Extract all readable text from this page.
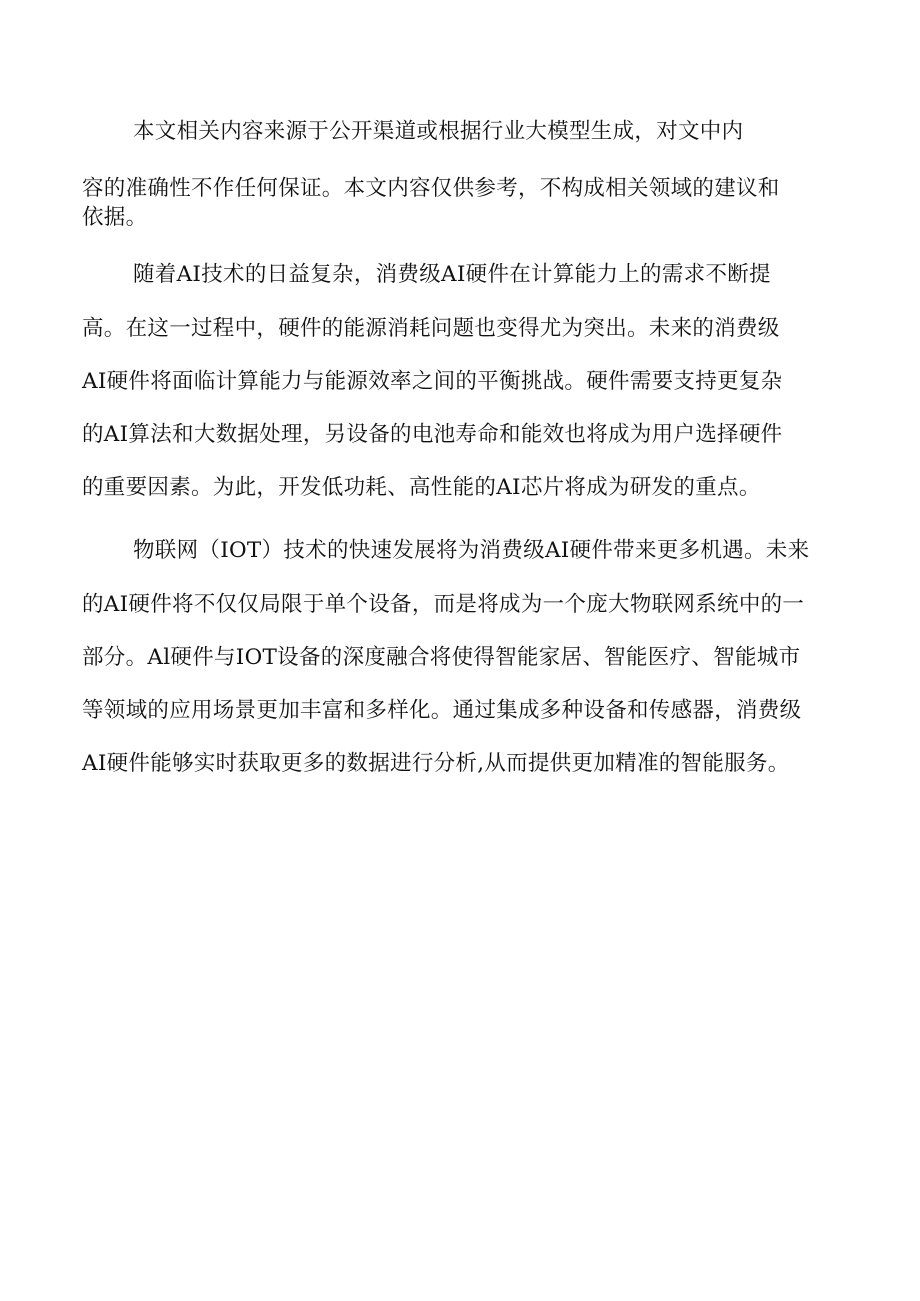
本文相关内容来源于公开渠道或根据行业大模型生成，对文中内
容的准确性不作任何保证。本文内容仅供参考，不构成相关领域的建议和
依据。
随着AI技术的日益复杂，消费级AI硬件在计算能力上的需求不断提
高。在这一过程中，硬件的能源消耗问题也变得尤为突出。未来的消费级
AI硬件将面临计算能力与能源效率之间的平衡挑战。硬件需要支持更复杂
的AI算法和大数据处理，另设备的电池寿命和能效也将成为用户选择硬件
的重要因素。为此，开发低功耗、高性能的AI芯片将成为研发的重点。
物联网（IOT）技术的快速发展将为消费级AI硬件带来更多机遇。未来
的AI硬件将不仅仅局限于单个设备，而是将成为一个庞大物联网系统中的一
部分。Al硬件与IOT设备的深度融合将使得智能家居、智能医疗、智能城市
等领域的应用场景更加丰富和多样化。通过集成多种设备和传感器，消费级
AI硬件能够实时获取更多的数据进行分析,从而提供更加精准的智能服务。
